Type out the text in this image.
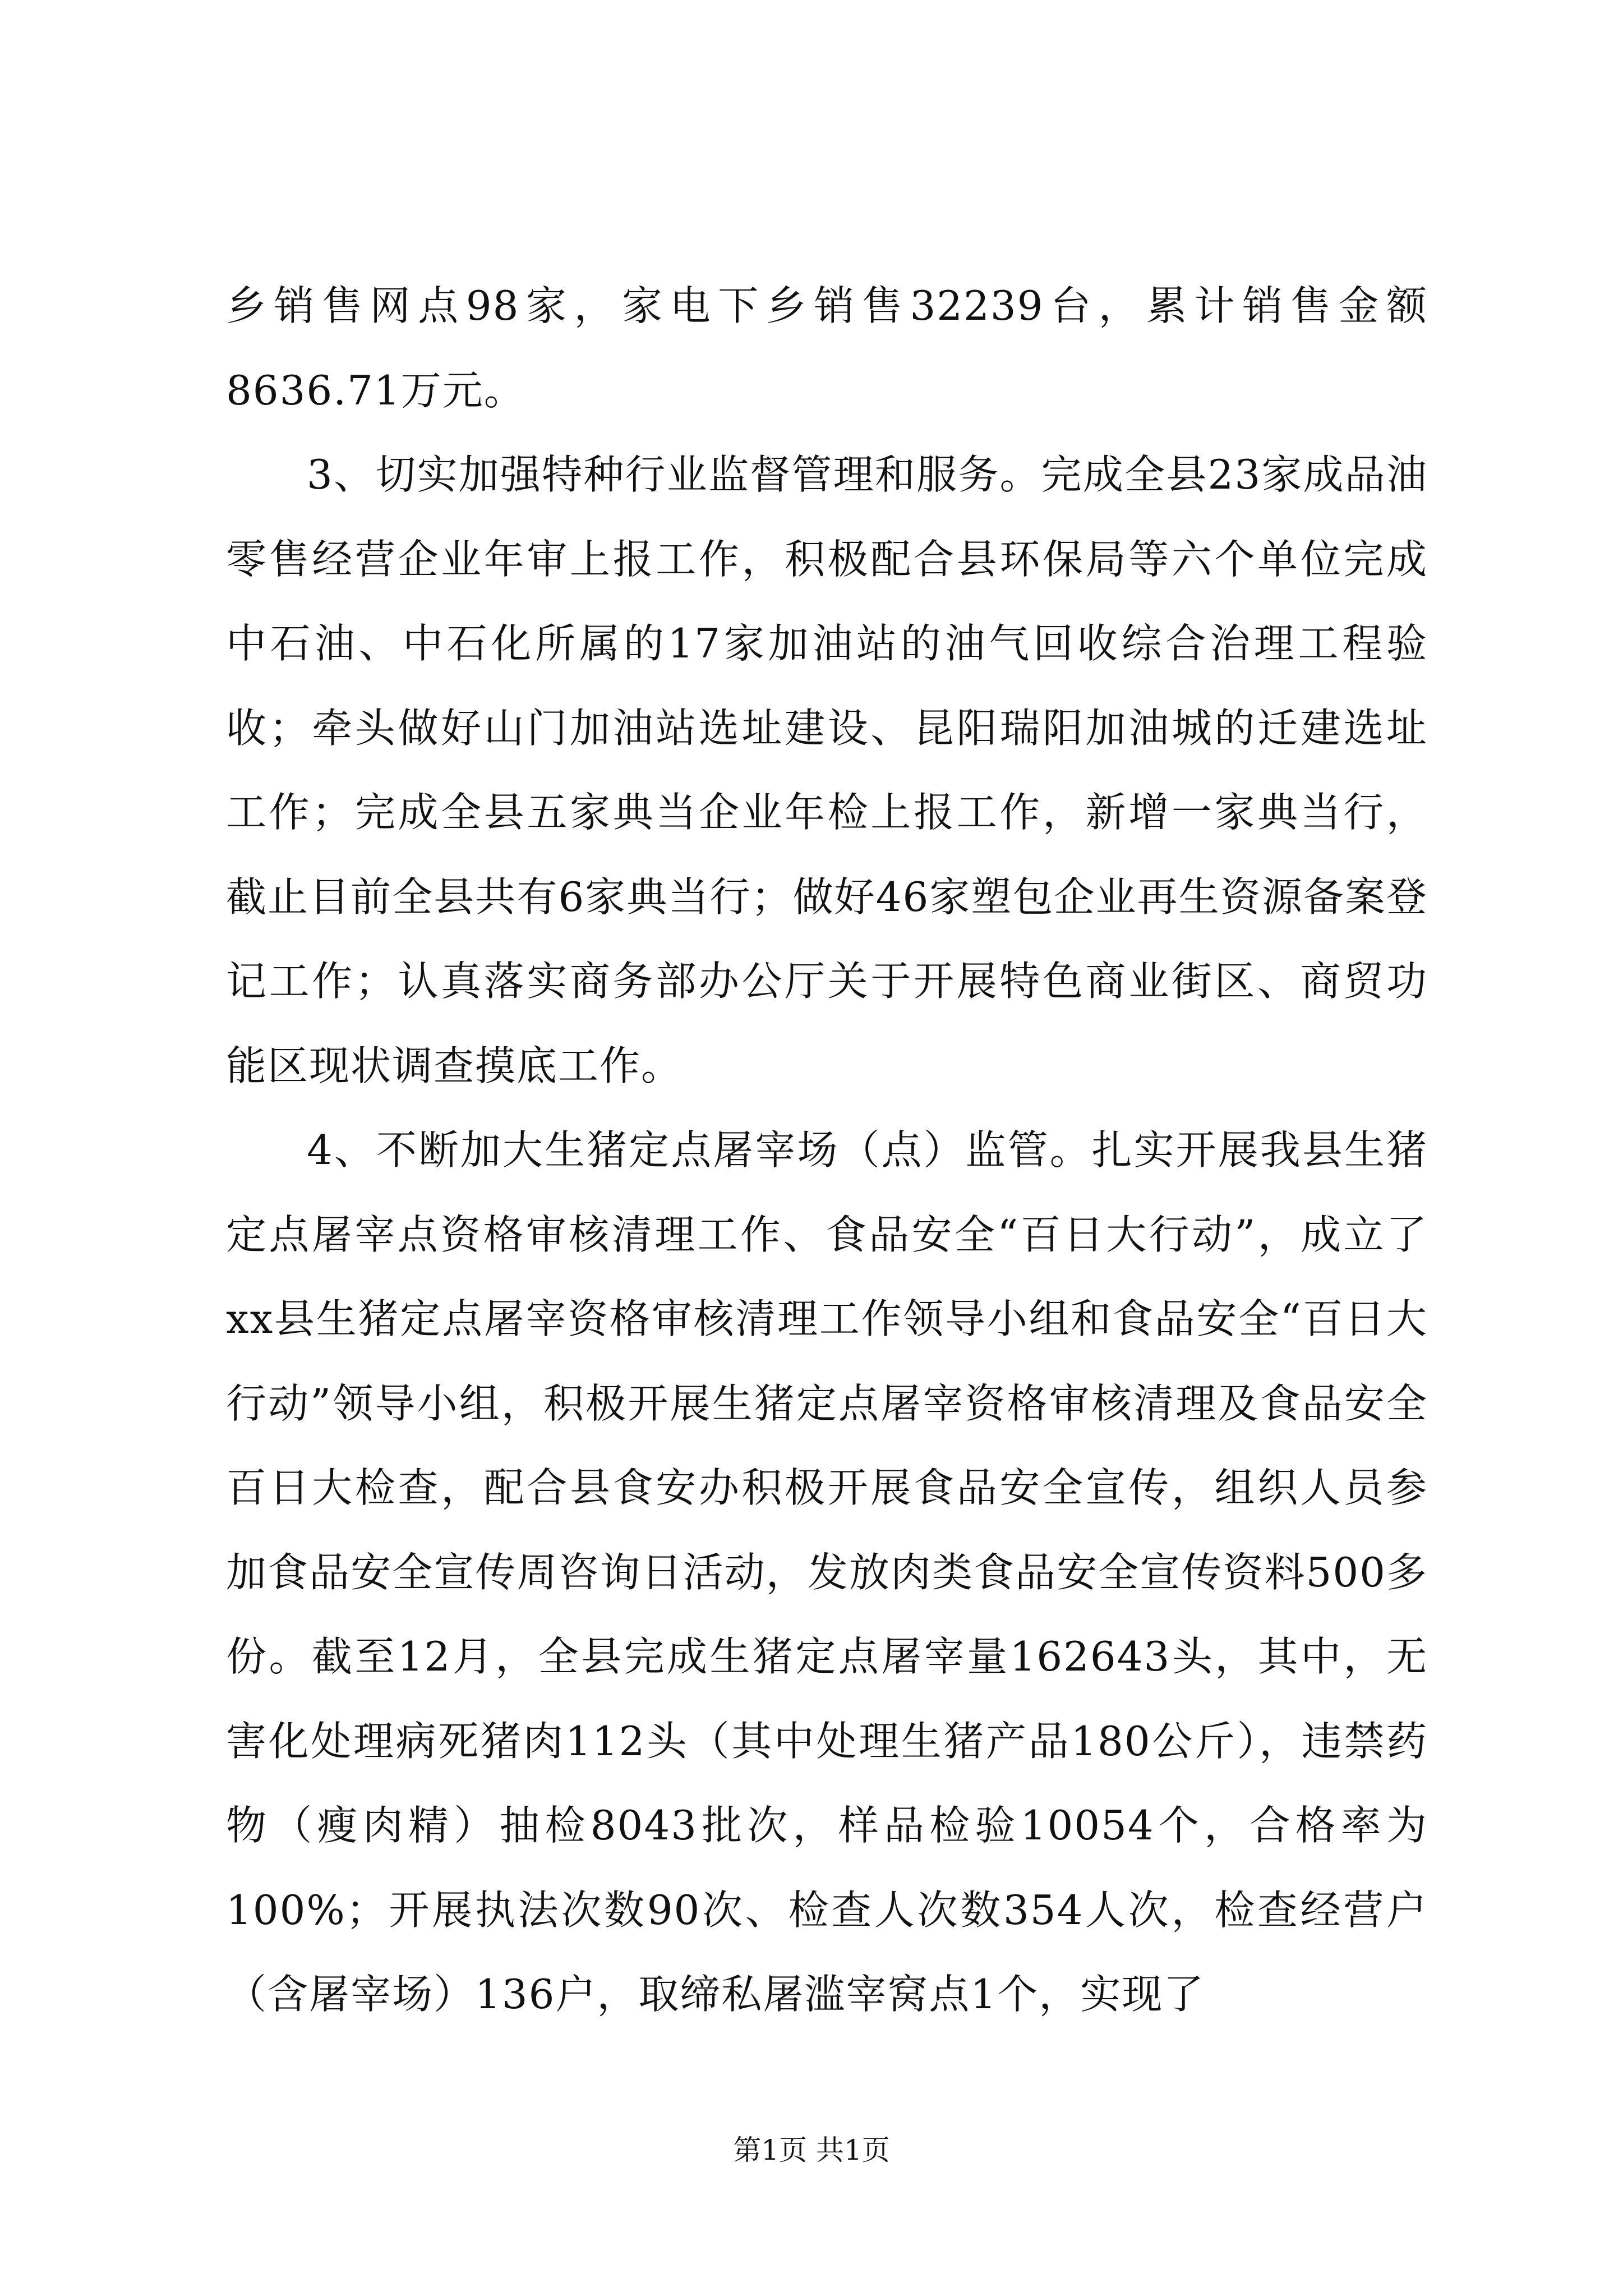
乡销售网点98家，家电下乡销售32239台，累计销售金额8636.71万元。

3、切实加强特种行业监督管理和服务。完成全县23家成品油零售经营企业年审上报工作，积极配合县环保局等六个单位完成中石油、中石化所属的17家加油站的油气回收综合治理工程验收；牵头做好山门加油站选址建设、昆阳瑞阳加油城的迁建选址工作；完成全县五家典当企业年检上报工作，新增一家典当行，截止目前全县共有6家典当行；做好46家塑包企业再生资源备案登记工作；认真落实商务部办公厅关于开展特色商业街区、商贸功能区现状调查摸底工作。

4、不断加大生猪定点屠宰场（点）监管。扎实开展我县生猪定点屠宰点资格审核清理工作、食品安全“百日大行动”，成立了xx县生猪定点屠宰资格审核清理工作领导小组和食品安全“百日大行动”领导小组，积极开展生猪定点屠宰资格审核清理及食品安全百日大检查，配合县食安办积极开展食品安全宣传，组织人员参加食品安全宣传周咨询日活动，发放肉类食品安全宣传资料500多份。截至12月，全县完成生猪定点屠宰量162643头，其中，无害化处理病死猪肉112头（其中处理生猪产品180公斤），违禁药物（瘦肉精）抽检8043批次，样品检验10054个，合格率为100%；开展执法次数90次、检查人次数354人次，检查经营户（含屠宰场）136户，取缔私屠滥宰窝点1个，实现了

第1页 共1页
